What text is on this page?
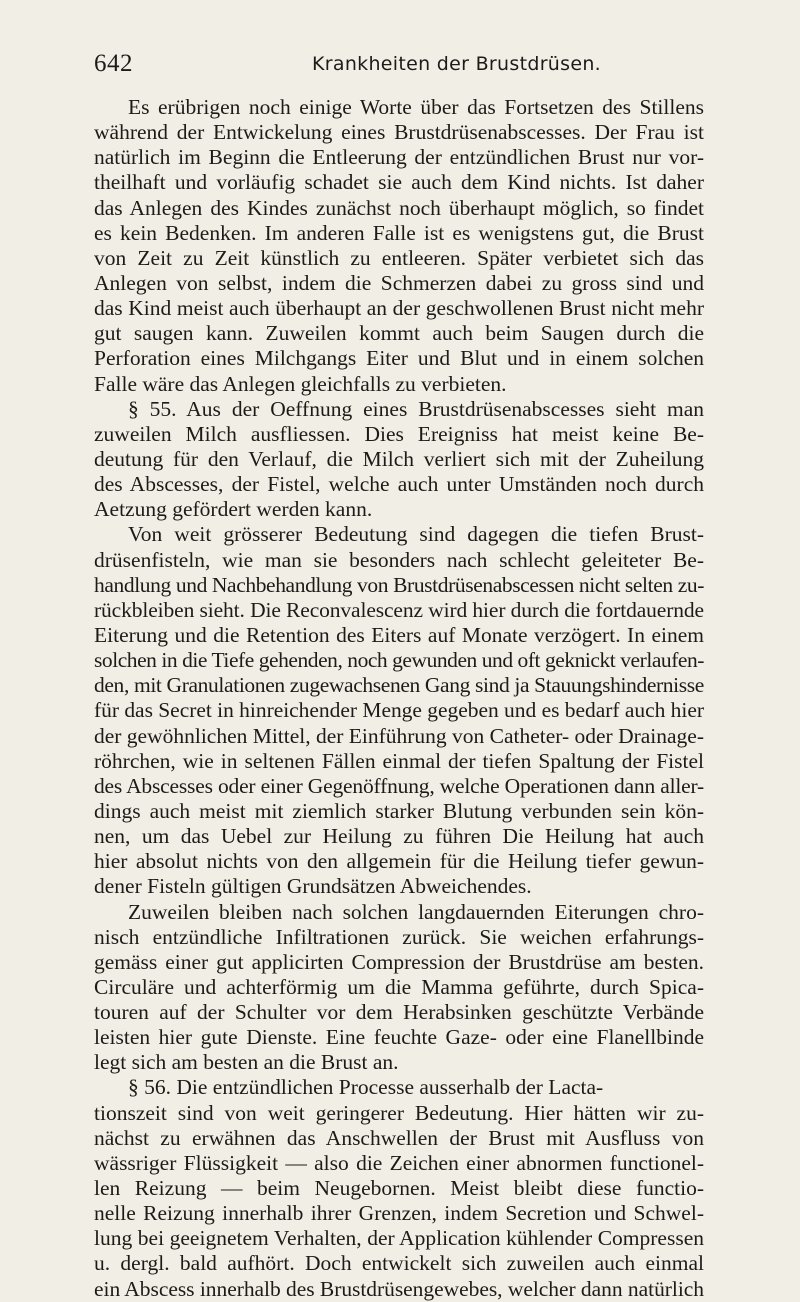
642	Krankheiten der Brustdrüsen.
Es erübrigen noch einige Worte über das Fortsetzen des Stillens
während der Entwickelung eines Brustdrüsenabscesses. Der Frau ist
natürlich im Beginn die Entleerung der entzündlichen Brust nur vor-
theilhaft und vorläufig schadet sie auch dem Kind nichts. Ist daher
das Anlegen des Kindes zunächst noch überhaupt möglich, so findet
es kein Bedenken. Im anderen Falle ist es wenigstens gut, die Brust
von Zeit zu Zeit künstlich zu entleeren. Später verbietet sich das
Anlegen von selbst, indem die Schmerzen dabei zu gross sind und
das Kind meist auch überhaupt an der geschwollenen Brust nicht mehr
gut saugen kann. Zuweilen kommt auch beim Saugen durch die
Perforation eines Milchgangs Eiter und Blut und in einem solchen
Falle wäre das Anlegen gleichfalls zu verbieten.
§ 55. Aus der Oeffnung eines Brustdrüsenabscesses sieht man
zuweilen Milch ausfliessen. Dies Ereigniss hat meist keine Be-
deutung für den Verlauf, die Milch verliert sich mit der Zuheilung
des Abscesses, der Fistel, welche auch unter Umständen noch durch
Aetzung gefördert werden kann.
Von weit grösserer Bedeutung sind dagegen die tiefen Brust-
drüsenfisteln, wie man sie besonders nach schlecht geleiteter Be-
handlung und Nachbehandlung von Brustdrüsenabscessen nicht selten zu-
rückbleiben sieht. Die Reconvalescenz wird hier durch die fortdauernde
Eiterung und die Retention des Eiters auf Monate verzögert. In einem
solchen in die Tiefe gehenden, noch gewunden und oft geknickt verlaufen-
den, mit Granulationen zugewachsenen Gang sind ja Stauungshindernisse
für das Secret in hinreichender Menge gegeben und es bedarf auch hier
der gewöhnlichen Mittel, der Einführung von Catheter- oder Drainage-
röhrchen, wie in seltenen Fällen einmal der tiefen Spaltung der Fistel
des Abscesses oder einer Gegenöffnung, welche Operationen dann aller-
dings auch meist mit ziemlich starker Blutung verbunden sein kön-
nen, um das Uebel zur Heilung zu führen Die Heilung hat auch
hier absolut nichts von den allgemein für die Heilung tiefer gewun-
dener Fisteln gültigen Grundsätzen Abweichendes.
Zuweilen bleiben nach solchen langdauernden Eiterungen chro-
nisch entzündliche Infiltrationen zurück. Sie weichen erfahrungs-
gemäss einer gut applicirten Compression der Brustdrüse am besten.
Circuläre und achterförmig um die Mamma geführte, durch Spica-
touren auf der Schulter vor dem Herabsinken geschützte Verbände
leisten hier gute Dienste. Eine feuchte Gaze- oder eine Flanellbinde
legt sich am besten an die Brust an.
§ 56. Die entzündlichen Processe ausserhalb der Lacta-
tionszeit sind von weit geringerer Bedeutung. Hier hätten wir zu-
nächst zu erwähnen das Anschwellen der Brust mit Ausfluss von
wässriger Flüssigkeit — also die Zeichen einer abnormen functionel-
len Reizung — beim Neugebornen. Meist bleibt diese functio-
nelle Reizung innerhalb ihrer Grenzen, indem Secretion und Schwel-
lung bei geeignetem Verhalten, der Application kühlender Compressen
u. dergl. bald aufhört. Doch entwickelt sich zuweilen auch einmal
ein Abscess innerhalb des Brustdrüsengewebes, welcher dann natürlich
